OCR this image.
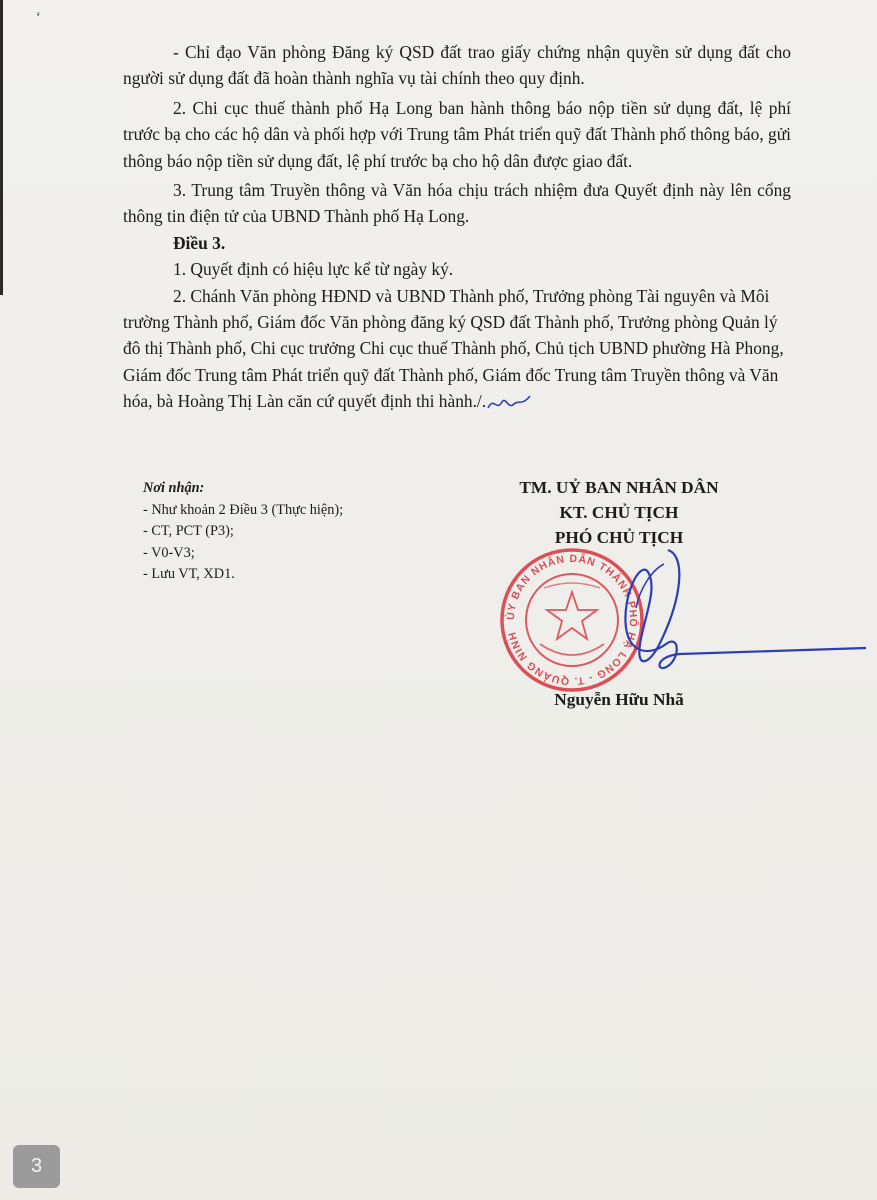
‘

- Chỉ đạo Văn phòng Đăng ký QSD đất trao giấy chứng nhận quyền sử dụng đất cho người sử dụng đất đã hoàn thành nghĩa vụ tài chính theo quy định.

2. Chi cục thuế thành phố Hạ Long ban hành thông báo nộp tiền sử dụng đất, lệ phí trước bạ cho các hộ dân và phối hợp với Trung tâm Phát triển quỹ đất Thành phố thông báo, gửi thông báo nộp tiền sử dụng đất, lệ phí trước bạ cho hộ dân được giao đất.

3. Trung tâm Truyền thông và Văn hóa chịu trách nhiệm đưa Quyết định này lên cổng thông tin điện tử của UBND Thành phố Hạ Long.

Điều 3.

1. Quyết định có hiệu lực kể từ ngày ký.

2. Chánh Văn phòng HĐND và UBND Thành phố, Trưởng phòng Tài nguyên và Môi trường Thành phố, Giám đốc Văn phòng đăng ký QSD đất Thành phố, Trưởng phòng Quản lý đô thị Thành phố, Chi cục trưởng Chi cục thuế Thành phố, Chủ tịch UBND phường Hà Phong, Giám đốc Trung tâm Phát triển quỹ đất Thành phố, Giám đốc Trung tâm Truyền thông và Văn hóa, bà Hoàng Thị Làn căn cứ quyết định thi hành./.

Nơi nhận:
- Như khoản 2 Điều 3 (Thực hiện);
- CT, PCT (P3);
- V0-V3;
- Lưu VT, XD1.
TM. UỶ BAN NHÂN DÂN
KT. CHỦ TỊCH
PHÓ CHỦ TỊCH
ỦY BAN NHÂN DÂN THÀNH PHỐ HẠ LONG - T. QUẢNG NINH
Nguyễn Hữu Nhã
3
